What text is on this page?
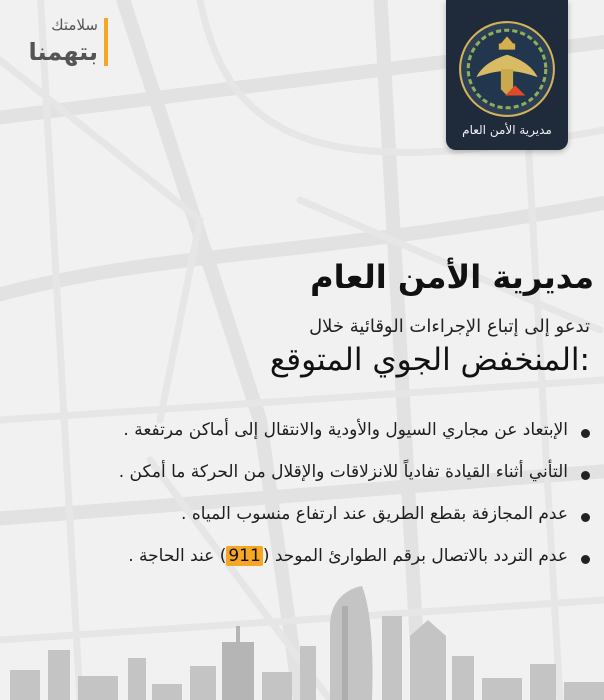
سلامتك
بتهمنا
مديرية الأمن العام
مديرية الأمن العام
تدعو إلى إتباع الإجراءات الوقائية خلال
المنخفض الجوي المتوقع:
الإبتعاد عن مجاري السيول والأودية والانتقال إلى أماكن مرتفعة .
التأني أثناء القيادة تفادياً للانزلاقات والإقلال من الحركة ما أمكن .
عدم المجازفة بقطع الطريق عند ارتفاع منسوب المياه .
عدم التردد بالاتصال برقم الطوارئ الموحد (911) عند الحاجة .
